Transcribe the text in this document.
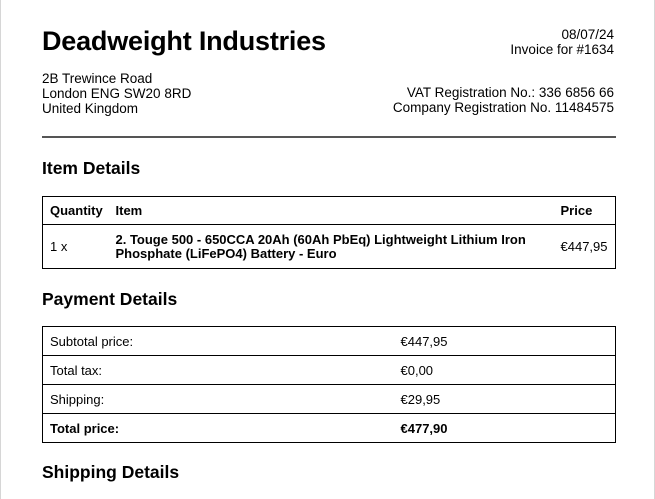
Deadweight Industries	08/07/24
Invoice for #1634
2B Trewince Road
London ENG SW20 8RD
United Kingdom
VAT Registration No.: 336 6856 66
Company Registration No. 11484575
Item Details
Quantity	Item	Price
1 x	2. Touge 500 - 650CCA 20Ah (60Ah PbEq) Lightweight Lithium Iron Phosphate (LiFePO4) Battery - Euro	€447,95
Payment Details
Subtotal price:	€447,95
Total tax:	€0,00
Shipping:	€29,95
Total price:	€477,90
Shipping Details
